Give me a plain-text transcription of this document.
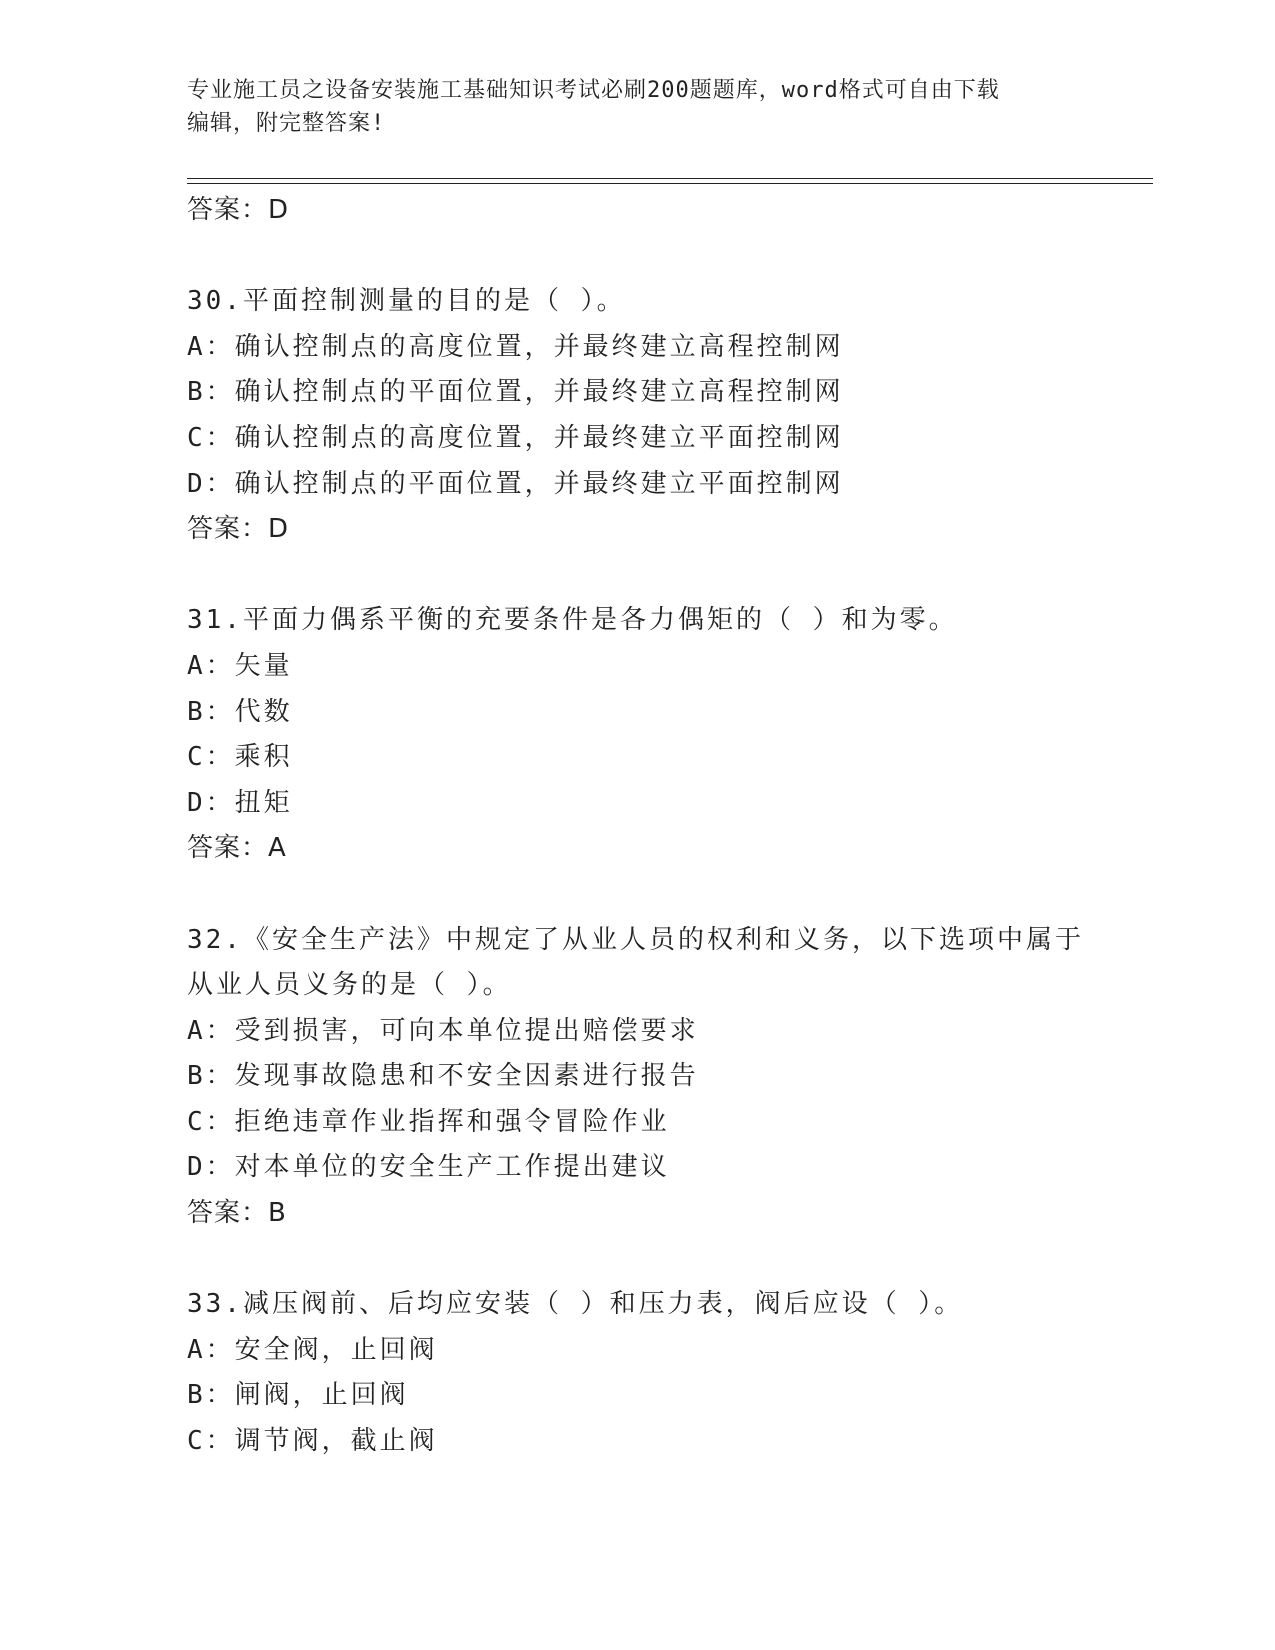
专业施工员之设备安装施工基础知识考试必刷200题题库，word格式可自由下载
编辑，附完整答案!
答案：D
30.平面控制测量的目的是（ ）。
A：确认控制点的高度位置，并最终建立高程控制网
B：确认控制点的平面位置，并最终建立高程控制网
C：确认控制点的高度位置，并最终建立平面控制网
D：确认控制点的平面位置，并最终建立平面控制网
答案：D
31.平面力偶系平衡的充要条件是各力偶矩的（ ）和为零。
A：矢量
B：代数
C：乘积
D：扭矩
答案：A
32.《安全生产法》中规定了从业人员的权利和义务，以下选项中属于
从业人员义务的是（ ）。
A：受到损害，可向本单位提出赔偿要求
B：发现事故隐患和不安全因素进行报告
C：拒绝违章作业指挥和强令冒险作业
D：对本单位的安全生产工作提出建议
答案：B
33.减压阀前、后均应安装（ ）和压力表，阀后应设（ ）。
A：安全阀，止回阀
B：闸阀，止回阀
C：调节阀，截止阀
